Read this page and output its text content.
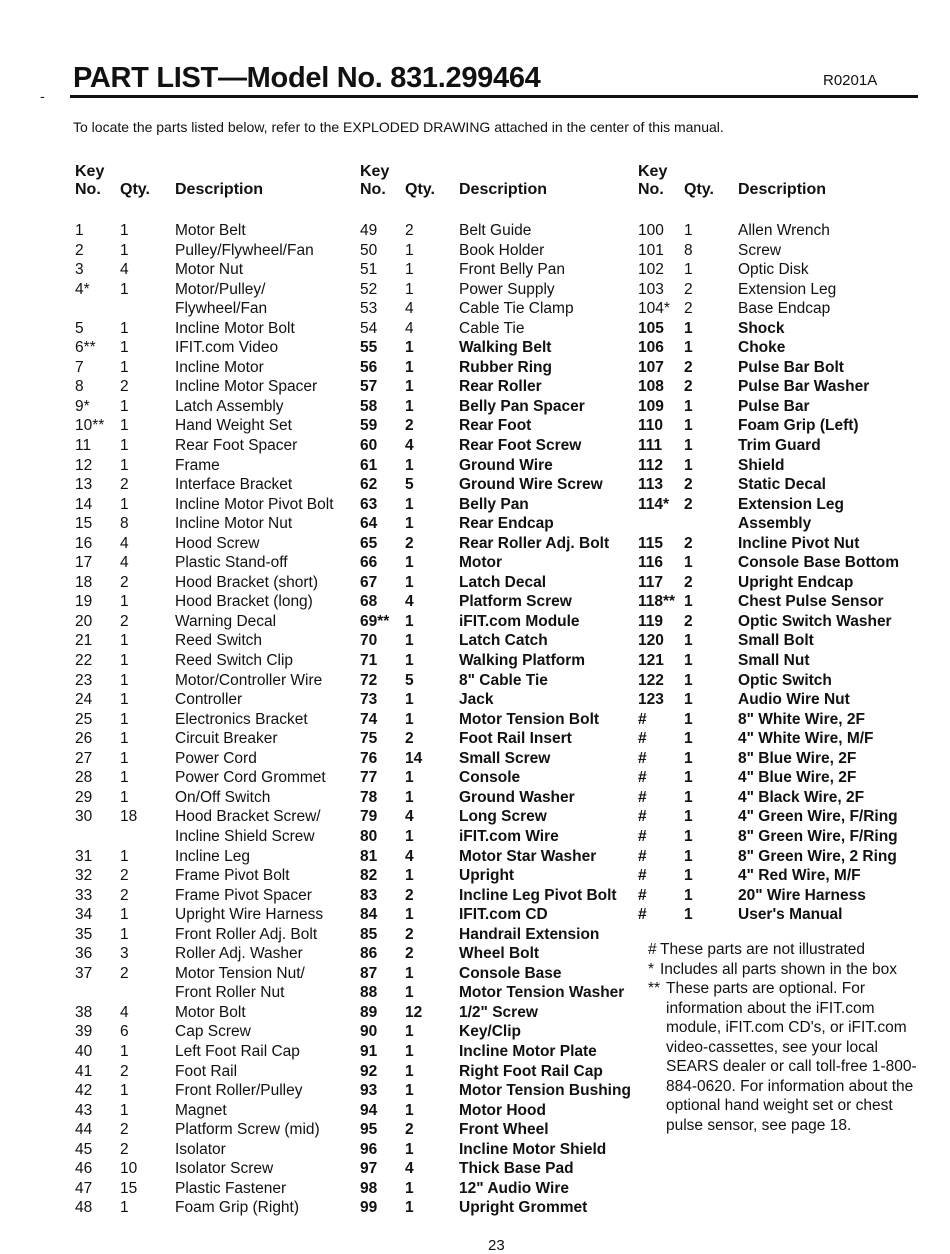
-
PART LIST—Model No. 831.299464	R0201A
To locate the parts listed below, refer to the EXPLODED DRAWING attached in the center of this manual.
Key
No. Qty. Description
1 1	Motor Belt
2 1	Pulley/Flywheel/Fan
3 4	Motor Nut
4* 1	Motor/Pulley/
Flywheel/Fan
5 1	Incline Motor Bolt
6** 1	IFIT.com Video
7 1	Incline Motor
8 2	Incline Motor Spacer
9* 1	Latch Assembly
10** 1	Hand Weight Set
11 1	Rear Foot Spacer
12 1	Frame
13 2	Interface Bracket
14 1	Incline Motor Pivot Bolt
15 8	Incline Motor Nut
16 4	Hood Screw
17 4	Plastic Stand-off
18 2	Hood Bracket (short)
19 1	Hood Bracket (long)
20 2	Warning Decal
21 1	Reed Switch
22 1	Reed Switch Clip
23 1	Motor/Controller Wire
24 1	Controller
25 1	Electronics Bracket
26 1	Circuit Breaker
27 1	Power Cord
28 1	Power Cord Grommet
29 1	On/Off Switch
30 18 Hood Bracket Screw/
Incline Shield Screw
31 1	Incline Leg
32 2	Frame Pivot Bolt
33 2	Frame Pivot Spacer
34 1	Upright Wire Harness
35 1	Front Roller Adj. Bolt
36 3	Roller Adj. Washer
37 2	Motor Tension Nut/
Front Roller Nut
38 4	Motor Bolt
39 6	Cap Screw
40 1	Left Foot Rail Cap
41 2	Foot Rail
42 1	Front Roller/Pulley
43 1	Magnet
44 2	Platform Screw (mid)
45 2	Isolator
46 10 Isolator Screw
47 15 Plastic Fastener
48 1	Foam Grip (Right)
Key
No. Qty. Description
49 2	Belt Guide
50 1	Book Holder
51 1	Front Belly Pan
52 1	Power Supply
53 4	Cable Tie Clamp
54 4	Cable Tie
55 1	Walking Belt
56 1	Rubber Ring
57 1	Rear Roller
58 1	Belly Pan Spacer
59 2	Rear Foot
60 4	Rear Foot Screw
61 1	Ground Wire
62 5	Ground Wire Screw
63 1	Belly Pan
64 1	Rear Endcap
65 2	Rear Roller Adj. Bolt
66 1	Motor
67 1	Latch Decal
68 4	Platform Screw
69** 1	iFIT.com Module
70 1	Latch Catch
71 1	Walking Platform
72 5	8" Cable Tie
73 1	Jack
74 1	Motor Tension Bolt
75 2	Foot Rail Insert
76 14 Small Screw
77 1	Console
78 1	Ground Washer
79 4	Long Screw
80 1	iFIT.com Wire
81 4	Motor Star Washer
82 1	Upright
83 2	Incline Leg Pivot Bolt
84 1	IFIT.com CD
85 2	Handrail Extension
86 2	Wheel Bolt
87 1	Console Base
88 1	Motor Tension Washer
89 12 1/2" Screw
90 1	Key/Clip
91 1	Incline Motor Plate
92 1	Right Foot Rail Cap
93 1	Motor Tension Bushing
94 1	Motor Hood
95 2	Front Wheel
96 1	Incline Motor Shield
97 4	Thick Base Pad
98 1	12" Audio Wire
99 1	Upright Grommet
Key
No. Qty. Description
100 1	Allen Wrench
101 8	Screw
102 1	Optic Disk
103 2	Extension Leg
104* 2	Base Endcap
105 1	Shock
106 1	Choke
107 2	Pulse Bar Bolt
108 2	Pulse Bar Washer
109 1	Pulse Bar
110 1	Foam Grip (Left)
111 1	Trim Guard
112 1	Shield
113 2	Static Decal
114* 2	Extension Leg
Assembly
115 2	Incline Pivot Nut
116 1	Console Base Bottom
117 2	Upright Endcap
118** 1	Chest Pulse Sensor
119 2	Optic Switch Washer
120 1	Small Bolt
121 1	Small Nut
122 1	Optic Switch
123 1	Audio Wire Nut
# 1	8" White Wire, 2F
# 1	4" White Wire, M/F
# 1	8" Blue Wire, 2F
# 1	4" Blue Wire, 2F
# 1	4" Black Wire, 2F
# 1	4" Green Wire, F/Ring
# 1	8" Green Wire, F/Ring
# 1	8" Green Wire, 2 Ring
# 1	4" Red Wire, M/F
# 1	20" Wire Harness
# 1	User's Manual
# These parts are not illustrated
* Includes all parts shown in the box
** These parts are optional. For information about the iFIT.com module, iFIT.com CD's, or iFIT.com video-cassettes, see your local SEARS dealer or call toll-free 1-800-884-0620. For information about the optional hand weight set or chest pulse sensor, see page 18.
23
